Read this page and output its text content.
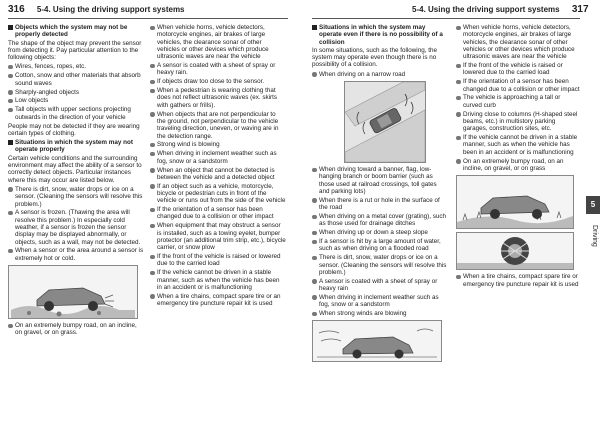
316 5-4. Using the driving support systems	5-4. Using the driving support systems 317
Objects which the system may not be properly detected
The shape of the object may prevent the sensor from detecting it. Pay particular attention to the following objects:
Wires, fences, ropes, etc.
Cotton, snow and other materials that absorb sound waves
Sharply-angled objects
Low objects
Tall objects with upper sections projecting outwards in the direction of your vehicle
People may not be detected if they are wearing certain types of clothing.
Situations in which the system may not operate properly
Certain vehicle conditions and the surrounding environment may affect the ability of a sensor to correctly detect objects. Particular instances where this may occur are listed below.
There is dirt, snow, water drops or ice on a sensor. (Cleaning the sensors will resolve this problem.)
A sensor is frozen. (Thawing the area will resolve this problem.) In especially cold weather, if a sensor is frozen the sensor display may be displayed abnormally, or objects, such as a wall, may not be detected.
When a sensor or the area around a sensor is extremely hot or cold.
On an extremely bumpy road, on an incline, on gravel, or on grass.
When vehicle horns, vehicle detectors, motorcycle engines, air brakes of large vehicles, the clearance sonar of other vehicles or other devices which produce ultrasonic waves are near the vehicle
A sensor is coated with a sheet of spray or heavy rain.
If objects draw too close to the sensor.
When a pedestrian is wearing clothing that does not reflect ultrasonic waves (ex. skirts with gathers or frills).
When objects that are not perpendicular to the ground, not perpendicular to the vehicle traveling direction, uneven, or waving are in the detection range.
Strong wind is blowing
When driving in inclement weather such as fog, snow or a sandstorm
When an object that cannot be detected is between the vehicle and a detected object
If an object such as a vehicle, motorcycle, bicycle or pedestrian cuts in front of the vehicle or runs out from the side of the vehicle
If the orientation of a sensor has been changed due to a collision or other impact
When equipment that may obstruct a sensor is installed, such as a towing eyelet, bumper protector (an additional trim strip, etc.), bicycle carrier, or snow plow
If the front of the vehicle is raised or lowered due to the carried load
If the vehicle cannot be driven in a stable manner, such as when the vehicle has been in an accident or is malfunctioning
When a tire chains, compact spare tire or an emergency tire puncture repair kit is used
Situations in which the system may operate even if there is no possibility of a collision
In some situations, such as the following, the system may operate even though there is no possibility of a collision.
When driving on a narrow road
When driving toward a banner, flag, low-hanging branch or boom barrier (such as those used at railroad crossings, toll gates and parking lots)
When there is a rut or hole in the surface of the road
When driving on a metal cover (grating), such as those used for drainage ditches
When driving up or down a steep slope
If a sensor is hit by a large amount of water, such as when driving on a flooded road
There is dirt, snow, water drops or ice on a sensor. (Cleaning the sensors will resolve this problem.)
A sensor is coated with a sheet of spray or heavy rain
When driving in inclement weather such as fog, snow or a sandstorm
When strong winds are blowing
When vehicle horns, vehicle detectors, motorcycle engines, air brakes of large vehicles, the clearance sonar of other vehicles or other devices which produce ultrasonic waves are near the vehicle
If the front of the vehicle is raised or lowered due to the carried load
If the orientation of a sensor has been changed due to a collision or other impact
The vehicle is approaching a tall or curved curb
Driving close to columns (H-shaped steel beams, etc.) in multistory parking garages, construction sites, etc.
If the vehicle cannot be driven in a stable manner, such as when the vehicle has been in an accident or is malfunctioning
On an extremely bumpy road, on an incline, on gravel, or on grass
When a tire chains, compact spare tire or emergency tire puncture repair kit is used
5
Driving
